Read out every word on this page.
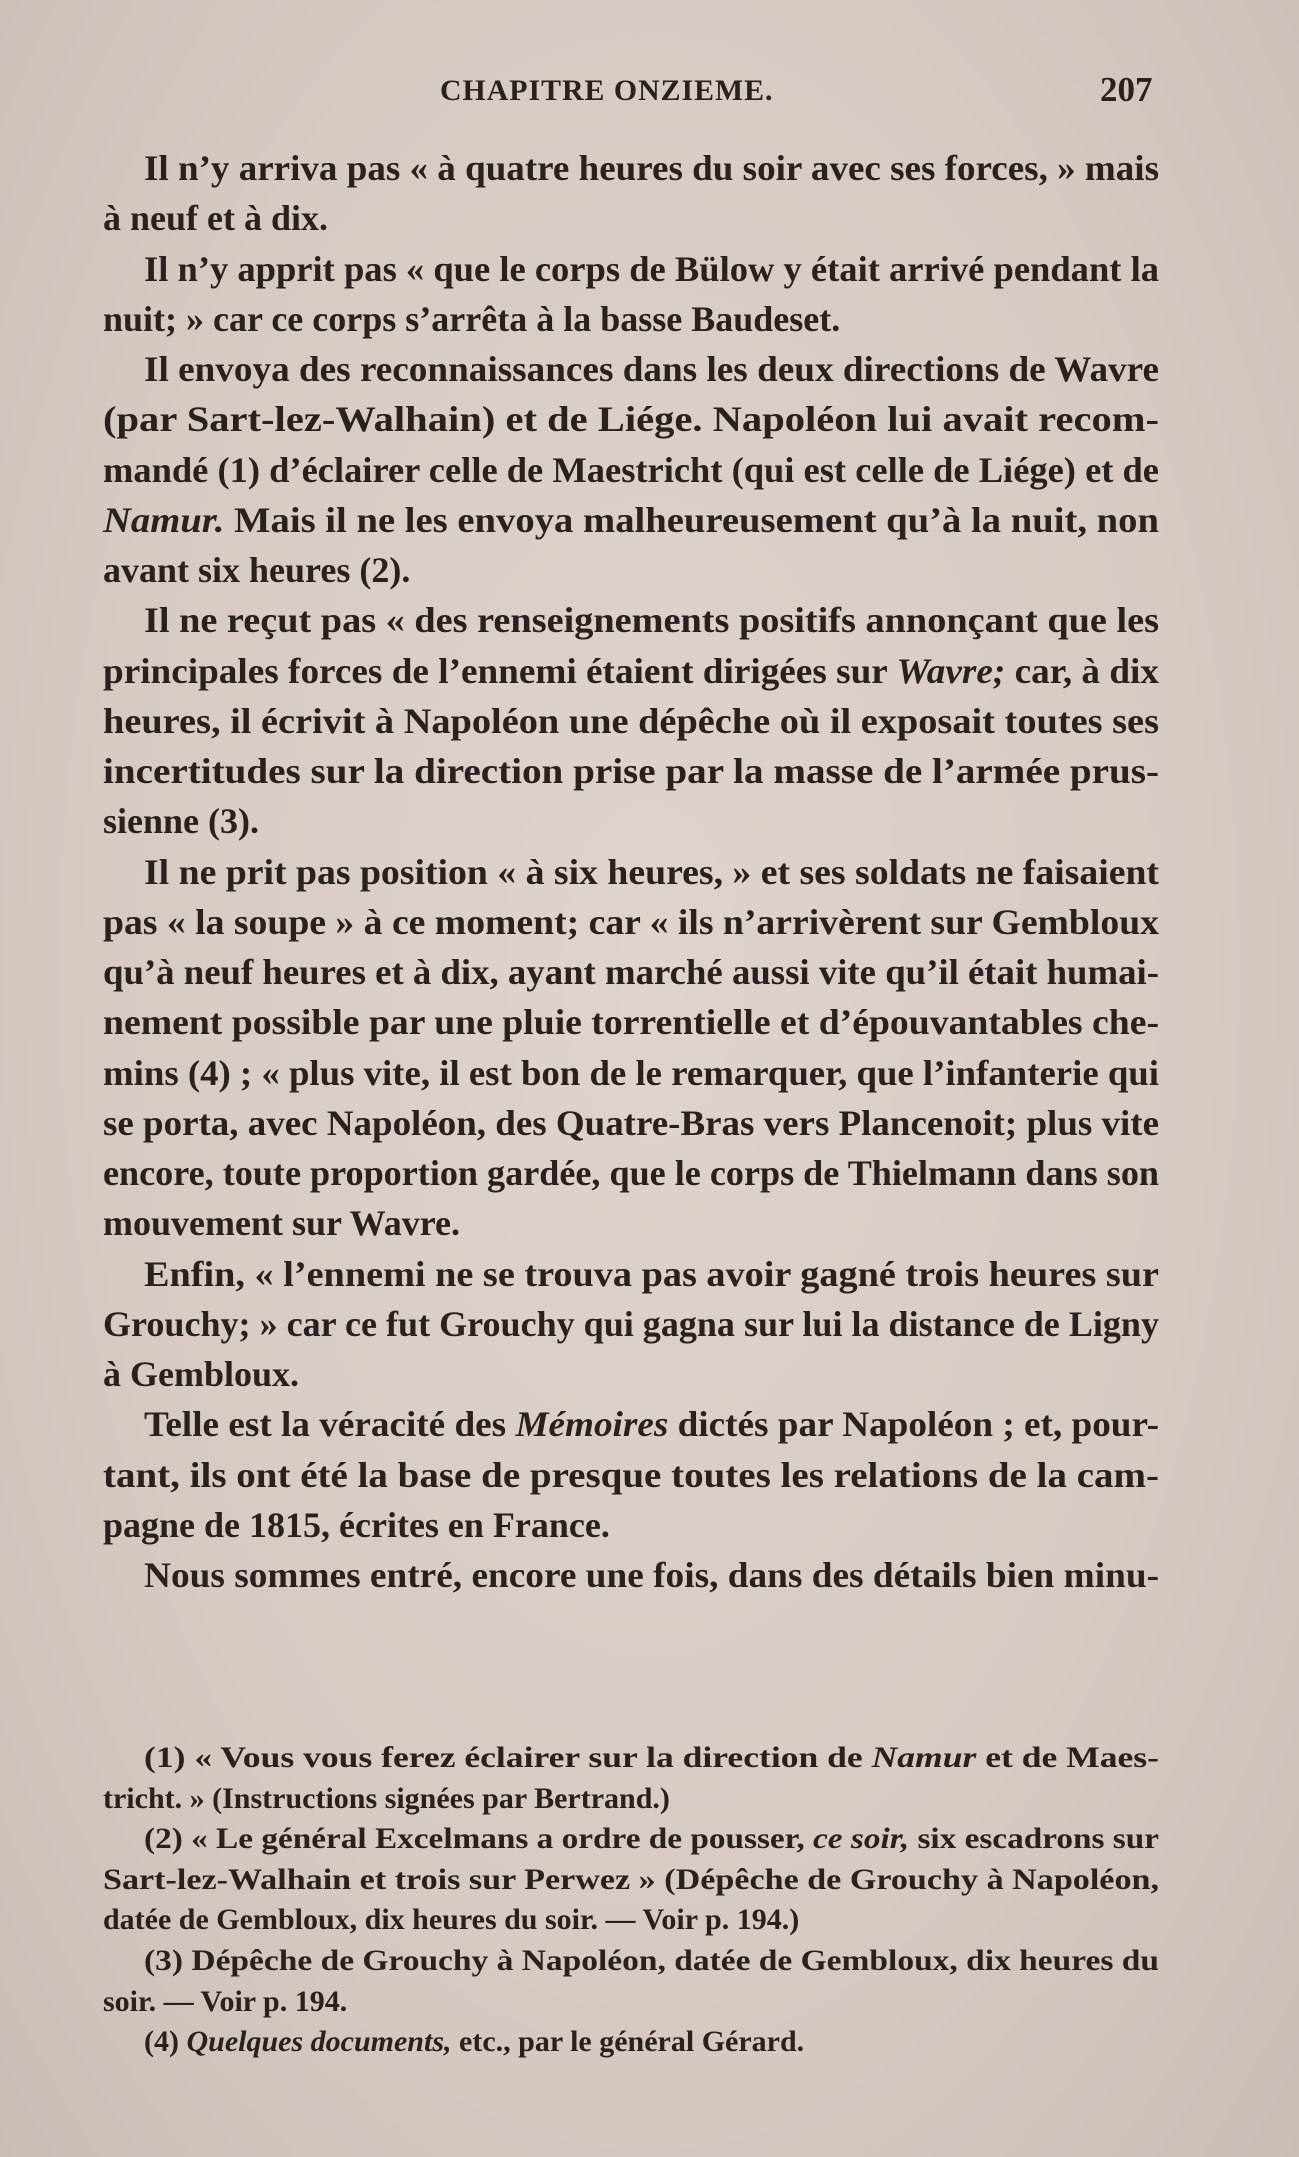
CHAPITRE ONZIEME.	207
Il n’y arriva pas « à quatre heures du soir avec ses forces, » mais
à neuf et à dix.
Il n’y apprit pas « que le corps de Bülow y était arrivé pendant la
nuit; » car ce corps s’arrêta à la basse Baudeset.
Il envoya des reconnaissances dans les deux directions de Wavre
(par Sart-lez-Walhain) et de Liége. Napoléon lui avait recom-
mandé (1) d’éclairer celle de Maestricht (qui est celle de Liége) et de
Namur. Mais il ne les envoya malheureusement qu’à la nuit, non
avant six heures (2).
Il ne reçut pas « des renseignements positifs annonçant que les
principales forces de l’ennemi étaient dirigées sur Wavre; car, à dix
heures, il écrivit à Napoléon une dépêche où il exposait toutes ses
incertitudes sur la direction prise par la masse de l’armée prus-
sienne (3).
Il ne prit pas position « à six heures, » et ses soldats ne faisaient
pas « la soupe » à ce moment; car « ils n’arrivèrent sur Gembloux
qu’à neuf heures et à dix, ayant marché aussi vite qu’il était humai-
nement possible par une pluie torrentielle et d’épouvantables che-
mins (4) ; « plus vite, il est bon de le remarquer, que l’infanterie qui
se porta, avec Napoléon, des Quatre-Bras vers Plancenoit; plus vite
encore, toute proportion gardée, que le corps de Thielmann dans son
mouvement sur Wavre.
Enfin, « l’ennemi ne se trouva pas avoir gagné trois heures sur
Grouchy; » car ce fut Grouchy qui gagna sur lui la distance de Ligny
à Gembloux.
Telle est la véracité des Mémoires dictés par Napoléon ; et, pour-
tant, ils ont été la base de presque toutes les relations de la cam-
pagne de 1815, écrites en France.
Nous sommes entré, encore une fois, dans des détails bien minu-
(1) « Vous vous ferez éclairer sur la direction de Namur et de Maes-
tricht. » (Instructions signées par Bertrand.)
(2) « Le général Excelmans a ordre de pousser, ce soir, six escadrons sur
Sart-lez-Walhain et trois sur Perwez » (Dépêche de Grouchy à Napoléon,
datée de Gembloux, dix heures du soir. — Voir p. 194.)
(3) Dépêche de Grouchy à Napoléon, datée de Gembloux, dix heures du
soir. — Voir p. 194.
(4) Quelques documents, etc., par le général Gérard.
